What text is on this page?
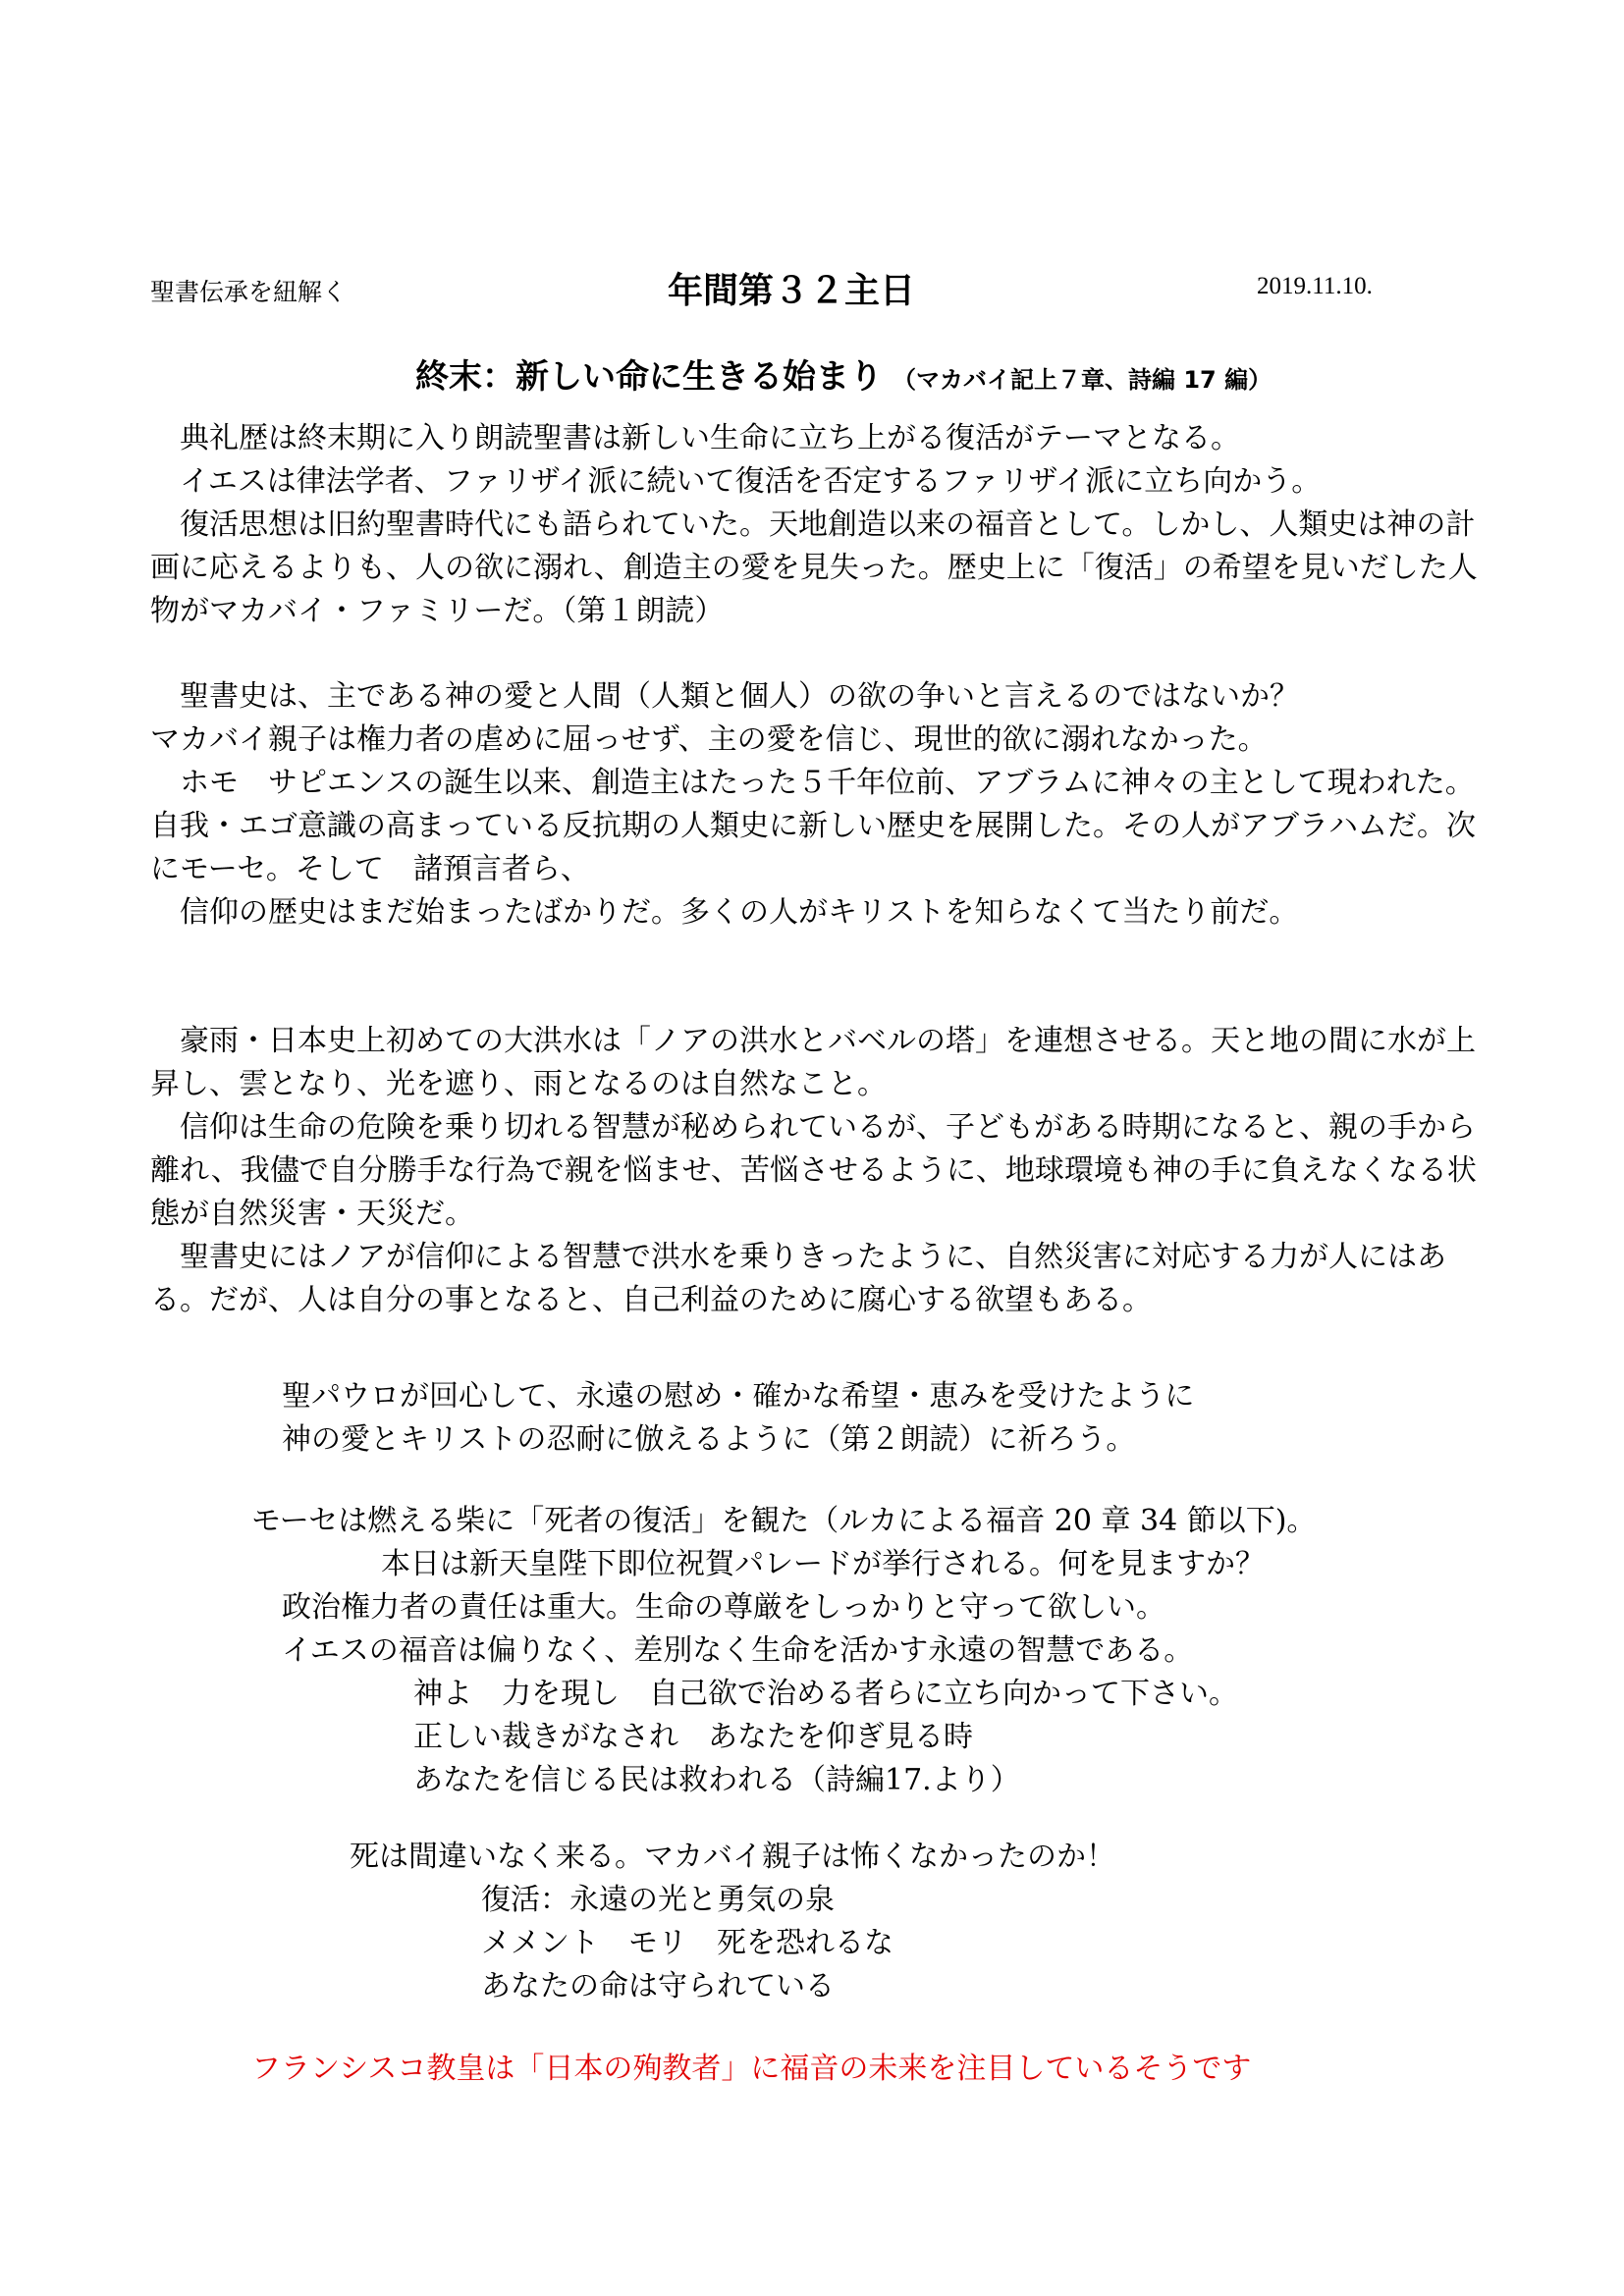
聖書伝承を紐解く	年間第３２主日	2019.11.10.
終末：新しい命に生きる始まり （マカバイ記上７章、詩編 17 編）
　典礼歴は終末期に入り朗読聖書は新しい生命に立ち上がる復活がテーマとなる。
　イエスは律法学者、ファリザイ派に続いて復活を否定するファリザイ派に立ち向かう。
　復活思想は旧約聖書時代にも語られていた。天地創造以来の福音として。しかし、人類史は神の計画に応えるよりも、人の欲に溺れ、創造主の愛を見失った。歴史上に「復活」の希望を見いだした人物がマカバイ・ファミリーだ。（第１朗読）
　聖書史は、主である神の愛と人間（人類と個人）の欲の争いと言えるのではないか？
マカバイ親子は権力者の虐めに屈っせず、主の愛を信じ、現世的欲に溺れなかった。
　ホモ　サピエンスの誕生以来、創造主はたった５千年位前、アブラムに神々の主として現われた。自我・エゴ意識の高まっている反抗期の人類史に新しい歴史を展開した。その人がアブラハムだ。次にモーセ。そして　諸預言者ら、
　信仰の歴史はまだ始まったばかりだ。多くの人がキリストを知らなくて当たり前だ。
　豪雨・日本史上初めての大洪水は「ノアの洪水とバベルの塔」を連想させる。天と地の間に水が上昇し、雲となり、光を遮り、雨となるのは自然なこと。
　信仰は生命の危険を乗り切れる智慧が秘められているが、子どもがある時期になると、親の手から離れ、我儘で自分勝手な行為で親を悩ませ、苦悩させるように、地球環境も神の手に負えなくなる状態が自然災害・天災だ。
　聖書史にはノアが信仰による智慧で洪水を乗りきったように、自然災害に対応する力が人にはある。だが、人は自分の事となると、自己利益のために腐心する欲望もある。
聖パウロが回心して、永遠の慰め・確かな希望・恵みを受けたように
神の愛とキリストの忍耐に倣えるように（第２朗読）に祈ろう。
モーセは燃える柴に「死者の復活」を観た（ルカによる福音 20 章 34 節以下)。
本日は新天皇陛下即位祝賀パレードが挙行される。何を見ますか？
政治権力者の責任は重大。生命の尊厳をしっかりと守って欲しい。
イエスの福音は偏りなく、差別なく生命を活かす永遠の智慧である。
神よ　力を現し　自己欲で治める者らに立ち向かって下さい。
正しい裁きがなされ　あなたを仰ぎ見る時
あなたを信じる民は救われる（詩編17.より）
死は間違いなく来る。マカバイ親子は怖くなかったのか！
復活：永遠の光と勇気の泉
メメント　モリ　死を恐れるな
あなたの命は守られている
フランシスコ教皇は「日本の殉教者」に福音の未来を注目しているそうです
